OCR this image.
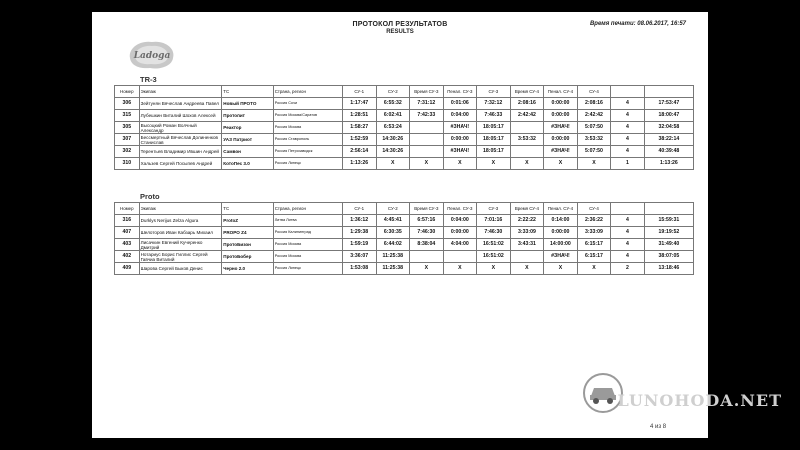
Ladoga
ПРОТОКОЛ РЕЗУЛЬТАТОВ
RESULTS
Время печати: 08.06.2017, 16:57
TR-3
Номер	Экипаж	ТС	Страна, регион	СУ-1	СУ-2	Время СУ-3	Пенал. СУ-3	СУ-3	Время СУ-4	Пенал. СУ-4	СУ-4		
306	Зейтунян Вячеслав Андреева Павел	Новый ПРОТО	Россия Сочи	1:17:47	6:55:32	7:31:12	0:01:06	7:32:12	2:08:16	0:00:00	2:08:16	4	17:53:47
315	Лубешкин Виталий Шохов Алексей	Протопит	Россия Москва/Саратов	1:28:51	6:02:41	7:42:33	0:04:00	7:46:33	2:42:42	0:00:00	2:42:42	4	18:00:47
305	Высоцкий Роман Волчный Александр	Реактор	Россия Москва	1:58:27	6:53:24		#ЗНАЧ!	18:05:17		#ЗНАЧ!	5:07:50	4	32:04:58
307	Бессмертный Вячеслав Долиненков Станислав	УАЗ Патриот	Россия Ставрополь	1:52:59	14:30:26		0:00:00	18:05:17	3:53:32	0:00:00	3:53:32	4	38:22:14
302	Терентьев Владимир Ившин Андрей	Самвон	Россия Петрозаводск	2:56:14	14:30:26		#ЗНАЧ!	18:05:17		#ЗНАЧ!	5:07:50	4	40:39:48
310	Хальзев Сергей Посыпев Андрей	КотоПес 3.0	Россия Липецк	1:13:26	X	X	X	X	X	X	X	1	1:13:26
Proto
Номер	Экипаж	ТС	Страна, регион	СУ-1	СУ-2	Время СУ-3	Пенал. СУ-3	СУ-3	Время СУ-4	Пенал. СУ-4	СУ-4		
316	Durklys Nerijus Zelza Algura	ProtoZ	Литва Литва	1:36:12	4:45:41	6:57:16	0:04:00	7:01:16	2:22:22	0:14:00	2:36:22	4	15:59:31
407	Шелоторов Иван Кабзарь Михаил	PROPO Z4	Россия Калининград	1:29:38	6:30:35	7:46:30	0:00:00	7:46:30	3:33:09	0:00:00	3:33:09	4	19:19:52
403	Лисачкин Евгений Кучеренко Дмитрий	ПротоБизон	Россия Москва	1:59:19	6:44:02	8:38:04	4:04:00	16:51:02	3:43:31	14:00:00	6:15:17	4	31:49:40
402	Нотариус Борис Гиллис Сергей Гавчиа Виталий	ПротоБобер	Россия Москва	3:36:07	11:25:38			16:51:02		#ЗНАЧ!	6:15:17	4	38:07:05
409	Шарова Сергей Быков Денис	Черно 2.0	Россия Липецк	1:53:08	11:25:38	X	X	X	X	X	X	2	13:18:46
4 из 8
LUNOHODA.NET
